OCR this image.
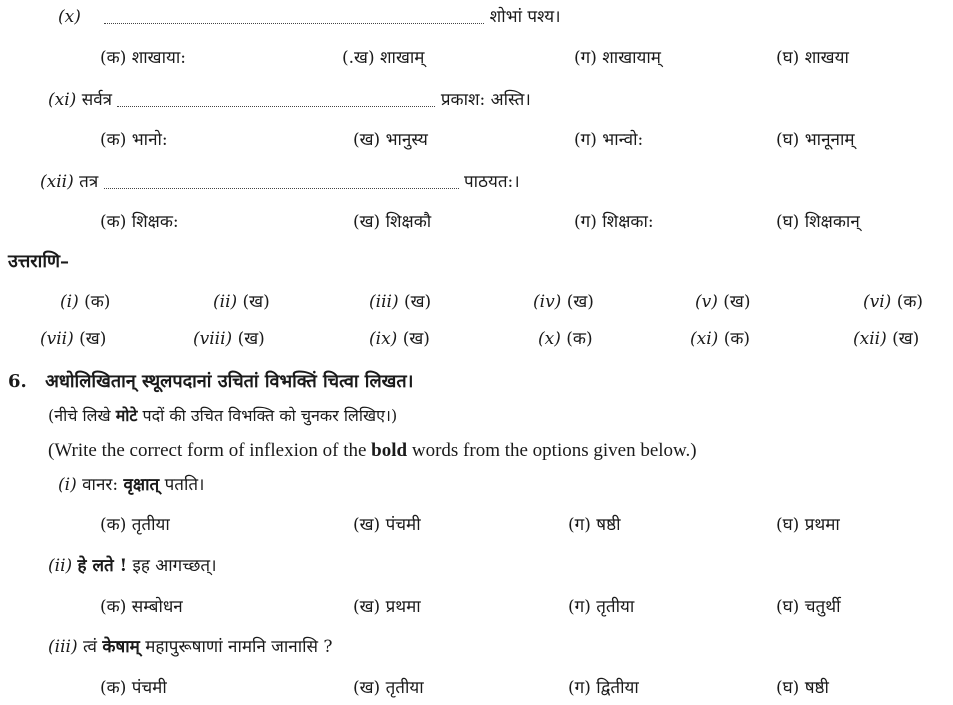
(x)	शोभां पश्य।
(क) शाखाया:	(.ख) शाखाम्	(ग) शाखायाम्	(घ) शाखया
(xi) सर्वत्र	प्रकाश: अस्ति।
(क) भानो:	(ख) भानुस्य	(ग) भान्वो:	(घ) भानूनाम्
(xii) तत्र	पाठयत:।
(क) शिक्षक:	(ख) शिक्षकौ	(ग) शिक्षका:	(घ) शिक्षकान्
उत्तराणि–
(i) (क)	(ii) (ख)	(iii) (ख)	(iv) (ख)	(v) (ख)	(vi) (क)
(vii) (ख)	(viii) (ख)	(ix) (ख)	(x) (क)	(xi) (क)	(xii) (ख)
6. अधोलिखितान् स्थूलपदानां उचितां विभक्तिं चित्वा लिखत।
(नीचे लिखे मोटे पदों की उचित विभक्ति को चुनकर लिखिए।)
(Write the correct form of inflexion of the bold words from the options given below.)
(i) वानर: वृक्षात् पतति।
(क) तृतीया	(ख) पंचमी	(ग) षष्ठी	(घ) प्रथमा
(ii) हे लते ! इह आगच्छत्।
(क) सम्बोधन	(ख) प्रथमा	(ग) तृतीया	(घ) चतुर्थी
(iii) त्वं केषाम् महापुरूषाणां नामनि जानासि ?
(क) पंचमी	(ख) तृतीया	(ग) द्वितीया	(घ) षष्ठी
